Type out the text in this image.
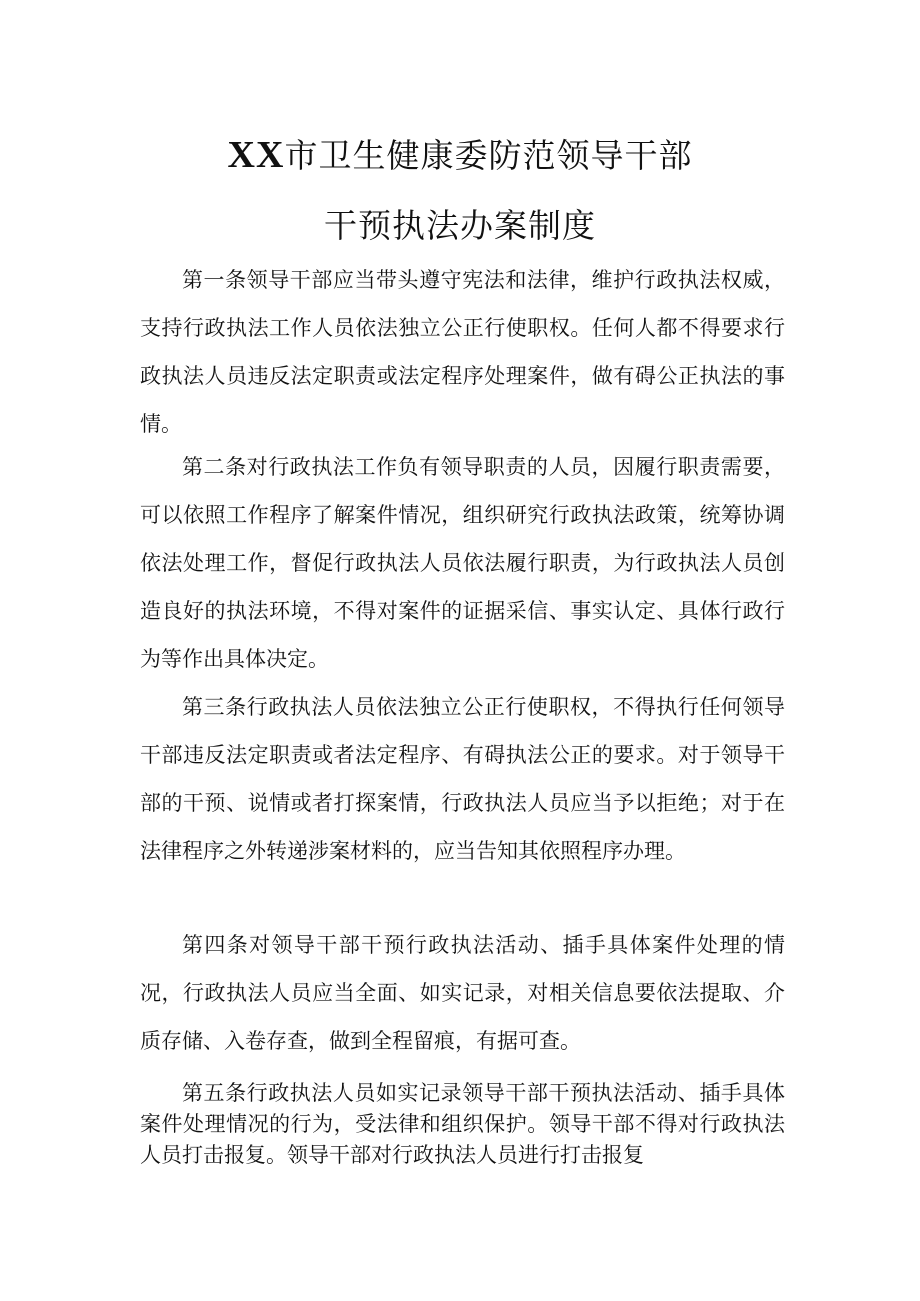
XX市卫生健康委防范领导干部
干预执法办案制度

第一条领导干部应当带头遵守宪法和法律，维护行政执法权威，支持行政执法工作人员依法独立公正行使职权。任何人都不得要求行政执法人员违反法定职责或法定程序处理案件，做有碍公正执法的事情。

第二条对行政执法工作负有领导职责的人员，因履行职责需要，可以依照工作程序了解案件情况，组织研究行政执法政策，统筹协调依法处理工作，督促行政执法人员依法履行职责，为行政执法人员创造良好的执法环境，不得对案件的证据采信、事实认定、具体行政行为等作出具体决定。

第三条行政执法人员依法独立公正行使职权，不得执行任何领导干部违反法定职责或者法定程序、有碍执法公正的要求。对于领导干部的干预、说情或者打探案情，行政执法人员应当予以拒绝；对于在法律程序之外转递涉案材料的，应当告知其依照程序办理。

第四条对领导干部干预行政执法活动、插手具体案件处理的情况，行政执法人员应当全面、如实记录，对相关信息要依法提取、介质存储、入卷存查，做到全程留痕，有据可查。

第五条行政执法人员如实记录领导干部干预执法活动、插手具体案件处理情况的行为，受法律和组织保护。领导干部不得对行政执法人员打击报复。领导干部对行政执法人员进行打击报复
